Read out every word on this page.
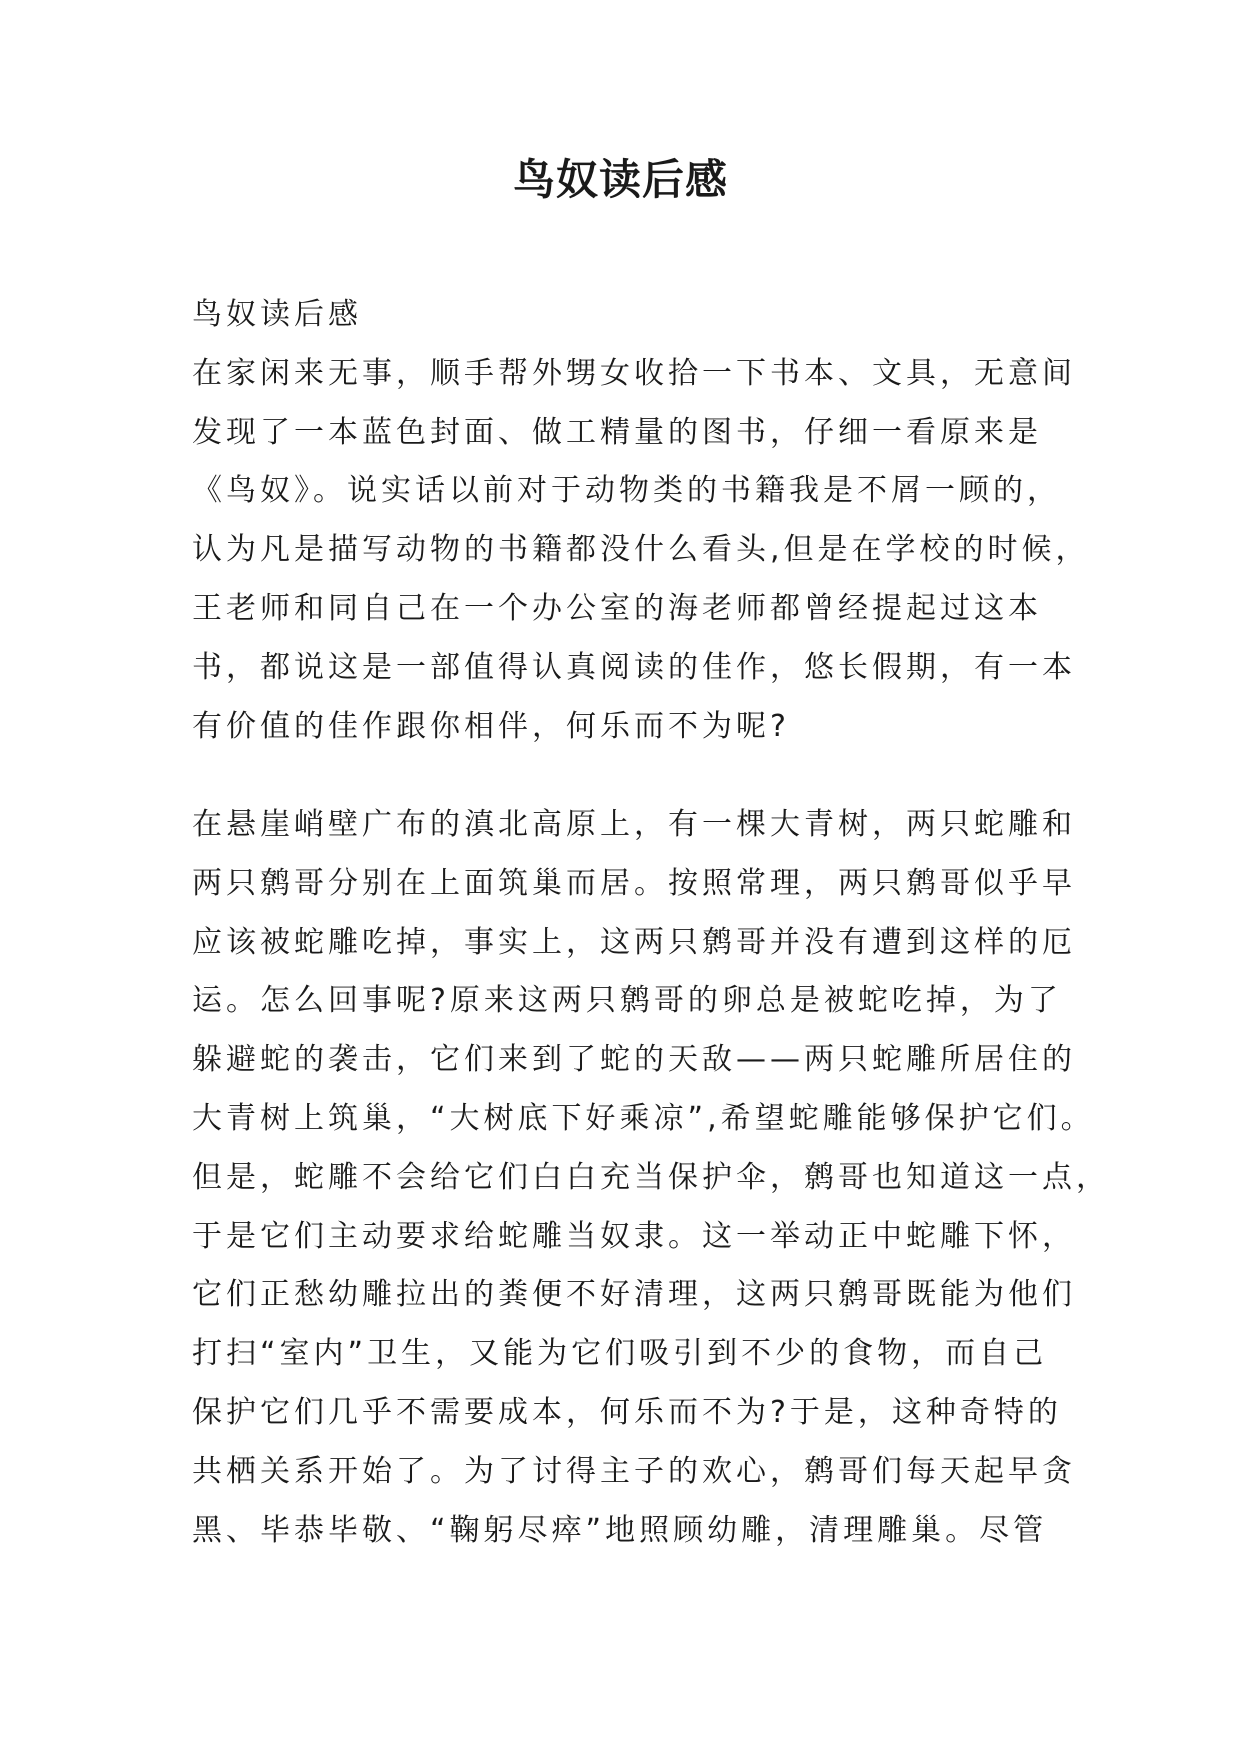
鸟奴读后感
鸟奴读后感
在家闲来无事，顺手帮外甥女收拾一下书本、文具，无意间
发现了一本蓝色封面、做工精量的图书，仔细一看原来是
《鸟奴》。说实话以前对于动物类的书籍我是不屑一顾的，
认为凡是描写动物的书籍都没什么看头,但是在学校的时候，
王老师和同自己在一个办公室的海老师都曾经提起过这本
书，都说这是一部值得认真阅读的佳作，悠长假期，有一本
有价值的佳作跟你相伴，何乐而不为呢?
在悬崖峭壁广布的滇北高原上，有一棵大青树，两只蛇雕和
两只鹩哥分别在上面筑巢而居。按照常理，两只鹩哥似乎早
应该被蛇雕吃掉，事实上，这两只鹩哥并没有遭到这样的厄
运。怎么回事呢?原来这两只鹩哥的卵总是被蛇吃掉，为了
躲避蛇的袭击，它们来到了蛇的天敌——两只蛇雕所居住的
大青树上筑巢，“大树底下好乘凉”,希望蛇雕能够保护它们。
但是，蛇雕不会给它们白白充当保护伞，鹩哥也知道这一点，
于是它们主动要求给蛇雕当奴隶。这一举动正中蛇雕下怀，
它们正愁幼雕拉出的粪便不好清理，这两只鹩哥既能为他们
打扫“室内”卫生，又能为它们吸引到不少的食物，而自己
保护它们几乎不需要成本，何乐而不为?于是，这种奇特的
共栖关系开始了。为了讨得主子的欢心，鹩哥们每天起早贪
黑、毕恭毕敬、“鞠躬尽瘁”地照顾幼雕，清理雕巢。尽管
